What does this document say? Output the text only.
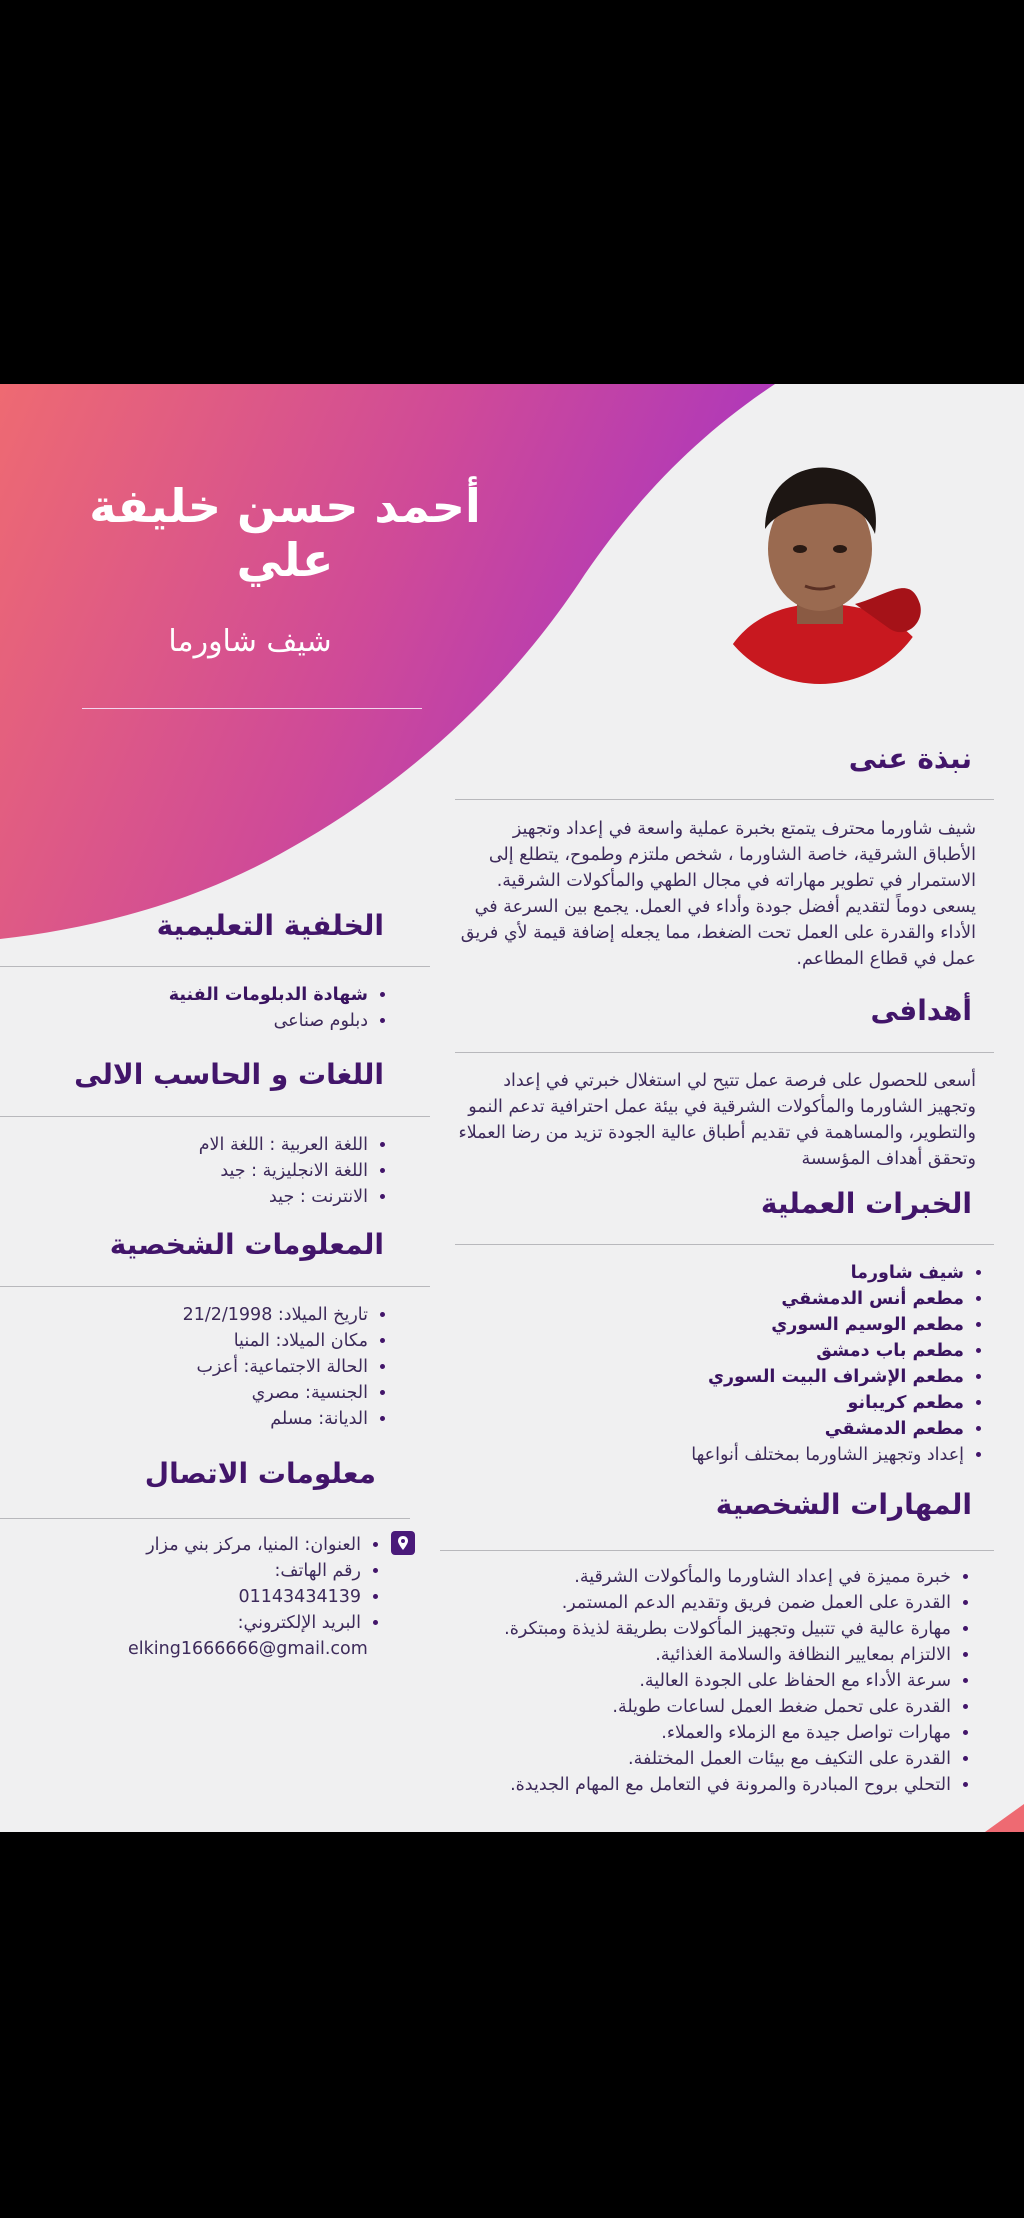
أحمد حسن خليفة علي
شيف شاورما
نبذة عنى
شيف شاورما محترف يتمتع بخبرة عملية واسعة في إعداد وتجهيز الأطباق الشرقية، خاصة الشاورما ، شخص ملتزم وطموح، يتطلع إلى الاستمرار في تطوير مهاراته في مجال الطهي والمأكولات الشرقية. يسعى دوماً لتقديم أفضل جودة وأداء في العمل. يجمع بين السرعة في الأداء والقدرة على العمل تحت الضغط، مما يجعله إضافة قيمة لأي فريق عمل في قطاع المطاعم.
أهدافى
أسعى للحصول على فرصة عمل تتيح لي استغلال خبرتي في إعداد وتجهيز الشاورما والمأكولات الشرقية في بيئة عمل احترافية تدعم النمو والتطوير، والمساهمة في تقديم أطباق عالية الجودة تزيد من رضا العملاء وتحقق أهداف المؤسسة
الخبرات العملية
• شيف شاورما
• مطعم أنس الدمشقي
• مطعم الوسيم السوري
• مطعم باب دمشق
• مطعم الإشراف البيت السوري
• مطعم كريبانو
• مطعم الدمشقي
• إعداد وتجهيز الشاورما بمختلف أنواعها
المهارات الشخصية
• خبرة مميزة في إعداد الشاورما والمأكولات الشرقية.
• القدرة على العمل ضمن فريق وتقديم الدعم المستمر.
• مهارة عالية في تتبيل وتجهيز المأكولات بطريقة لذيذة ومبتكرة.
• الالتزام بمعايير النظافة والسلامة الغذائية.
• سرعة الأداء مع الحفاظ على الجودة العالية.
• القدرة على تحمل ضغط العمل لساعات طويلة.
• مهارات تواصل جيدة مع الزملاء والعملاء.
• القدرة على التكيف مع بيئات العمل المختلفة.
• التحلي بروح المبادرة والمرونة في التعامل مع المهام الجديدة.
الخلفية التعليمية
• شهادة الدبلومات الفنية
• دبلوم صناعى
اللغات و الحاسب الالى
• اللغة العربية : اللغة الام
• اللغة الانجليزية : جيد
• الانترنت : جيد
المعلومات الشخصية
• تاريخ الميلاد: 21/2/1998
• مكان الميلاد: المنيا
• الحالة الاجتماعية: أعزب
• الجنسية: مصري
• الديانة: مسلم
معلومات الاتصال
• العنوان: المنيا، مركز بني مزار
• رقم الهاتف:
• 01143434139
• البريد الإلكتروني:
elking1666666@gmail.com
